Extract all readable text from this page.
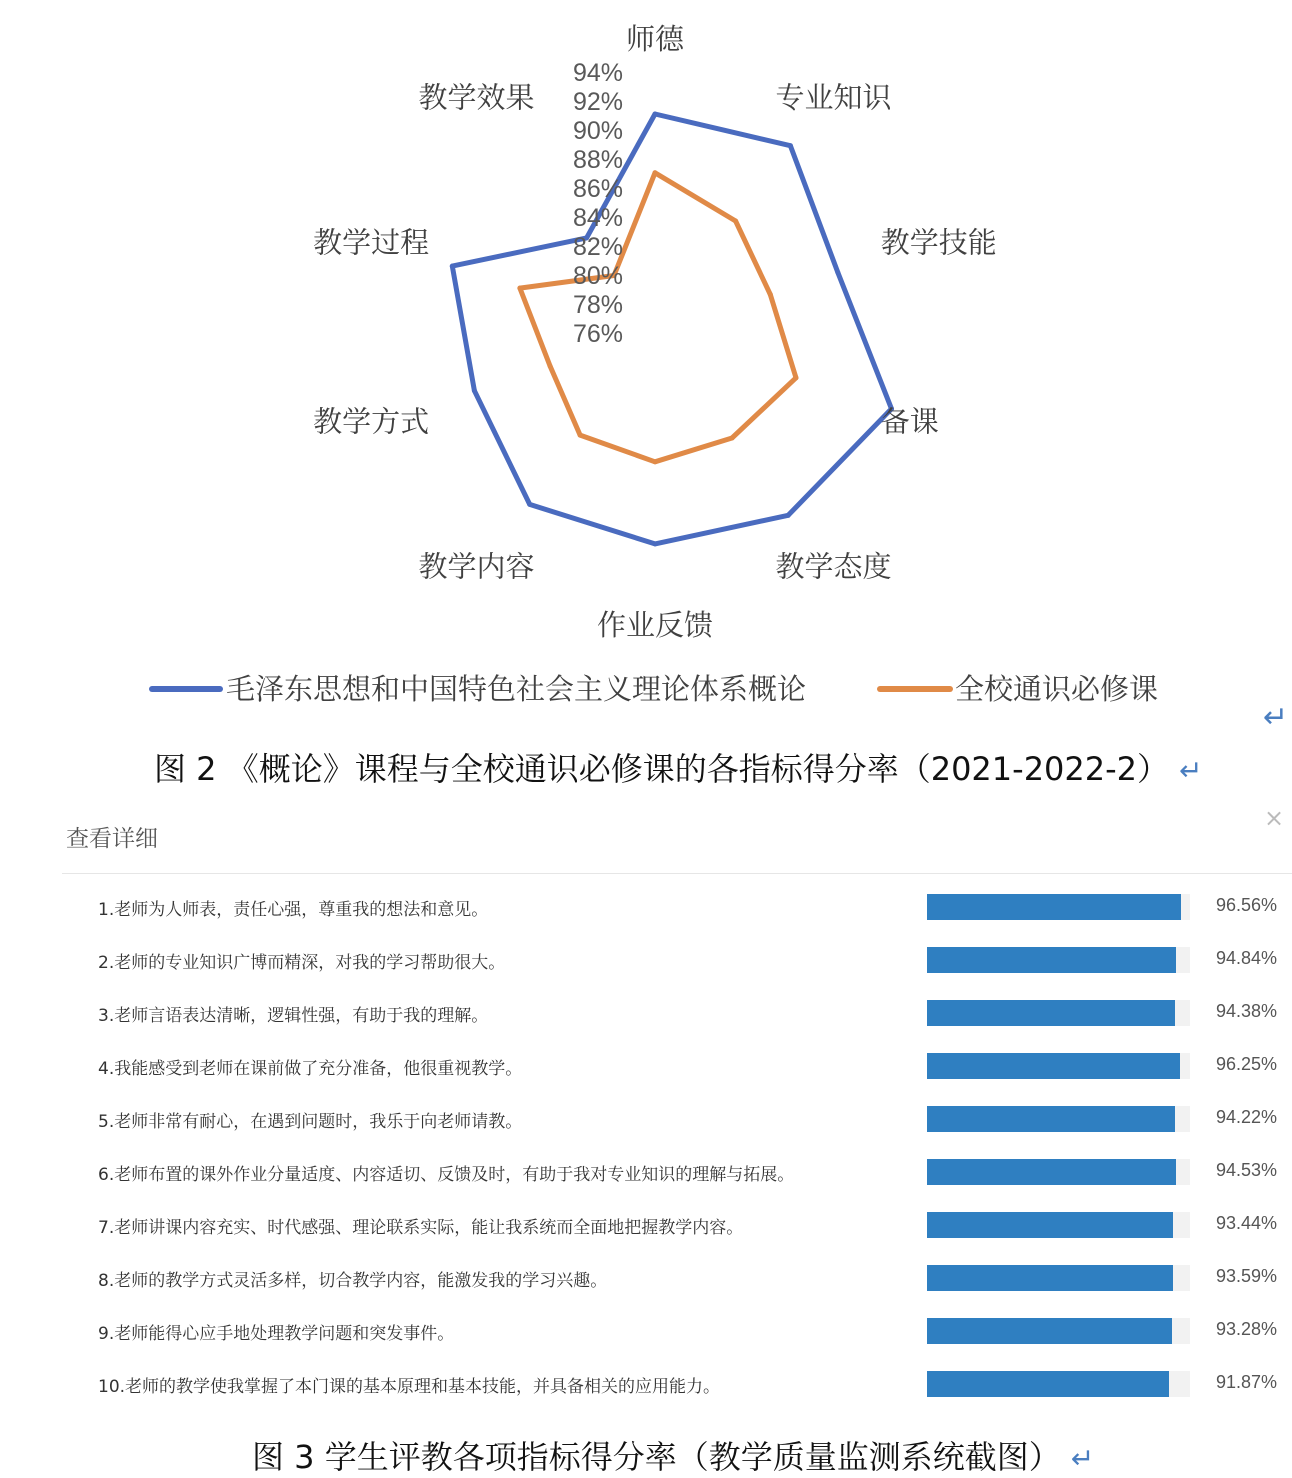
94%
92%
90%
88%
86%
84%
82%
80%
78%
76%
师德
专业知识
教学技能
备课
教学态度
作业反馈
教学内容
教学方式
教学过程
教学效果
毛泽东思想和中国特色社会主义理论体系概论	全校通识必修课
↵
图 2 《概论》课程与全校通识必修课的各指标得分率（2021-2022-2） ↵
查看详细
×
1.老师为人师表，责任心强，尊重我的想法和意见。	96.56%
2.老师的专业知识广博而精深，对我的学习帮助很大。	94.84%
3.老师言语表达清晰，逻辑性强，有助于我的理解。	94.38%
4.我能感受到老师在课前做了充分准备，他很重视教学。	96.25%
5.老师非常有耐心，在遇到问题时，我乐于向老师请教。	94.22%
6.老师布置的课外作业分量适度、内容适切、反馈及时，有助于我对专业知识的理解与拓展。	94.53%
7.老师讲课内容充实、时代感强、理论联系实际，能让我系统而全面地把握教学内容。	93.44%
8.老师的教学方式灵活多样，切合教学内容，能激发我的学习兴趣。	93.59%
9.老师能得心应手地处理教学问题和突发事件。	93.28%
10.老师的教学使我掌握了本门课的基本原理和基本技能，并具备相关的应用能力。	91.87%
图 3 学生评教各项指标得分率（教学质量监测系统截图） ↵
